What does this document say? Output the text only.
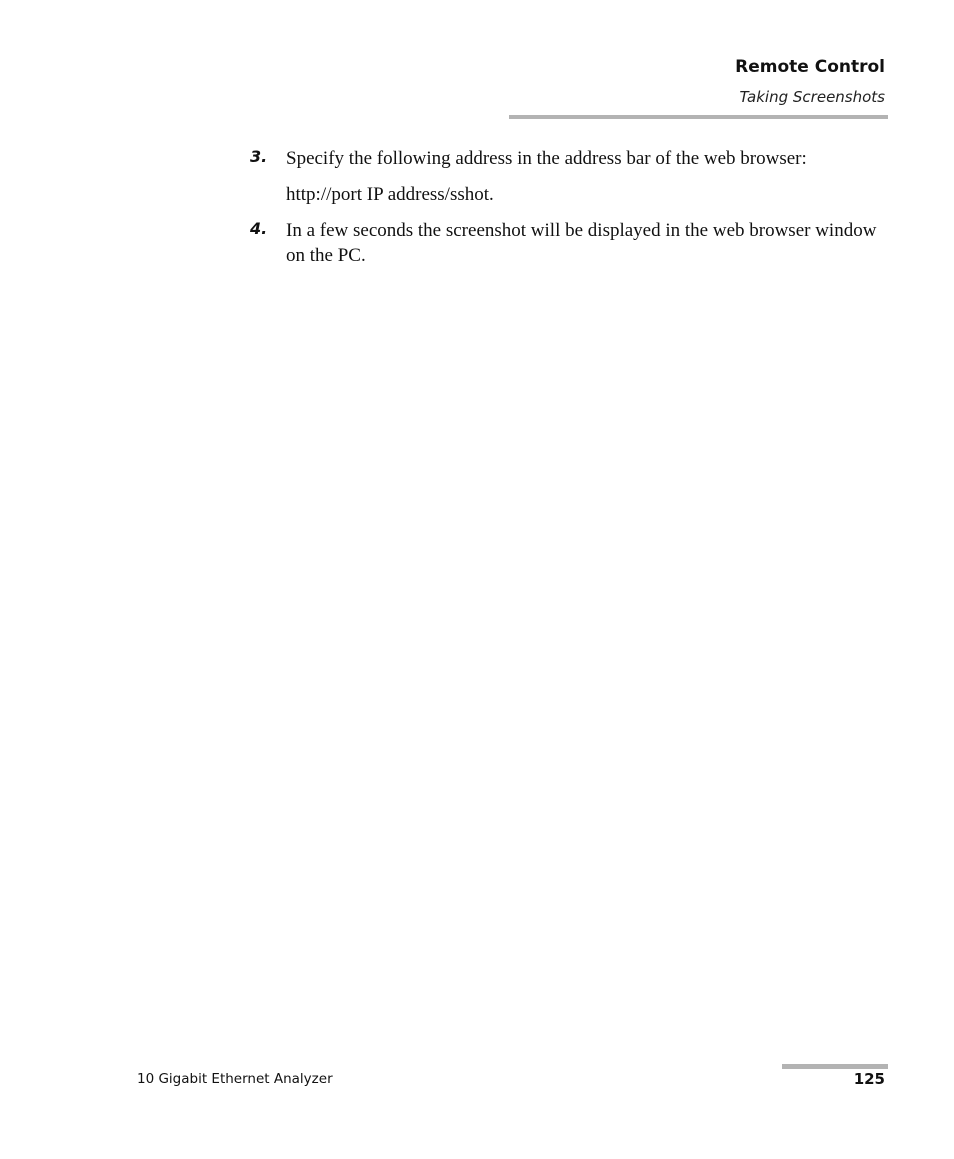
Remote Control
Taking Screenshots
3. Specify the following address in the address bar of the web browser:
http://port IP address/sshot.
4. In a few seconds the screenshot will be displayed in the web browser window on the PC.
10 Gigabit Ethernet Analyzer	125
